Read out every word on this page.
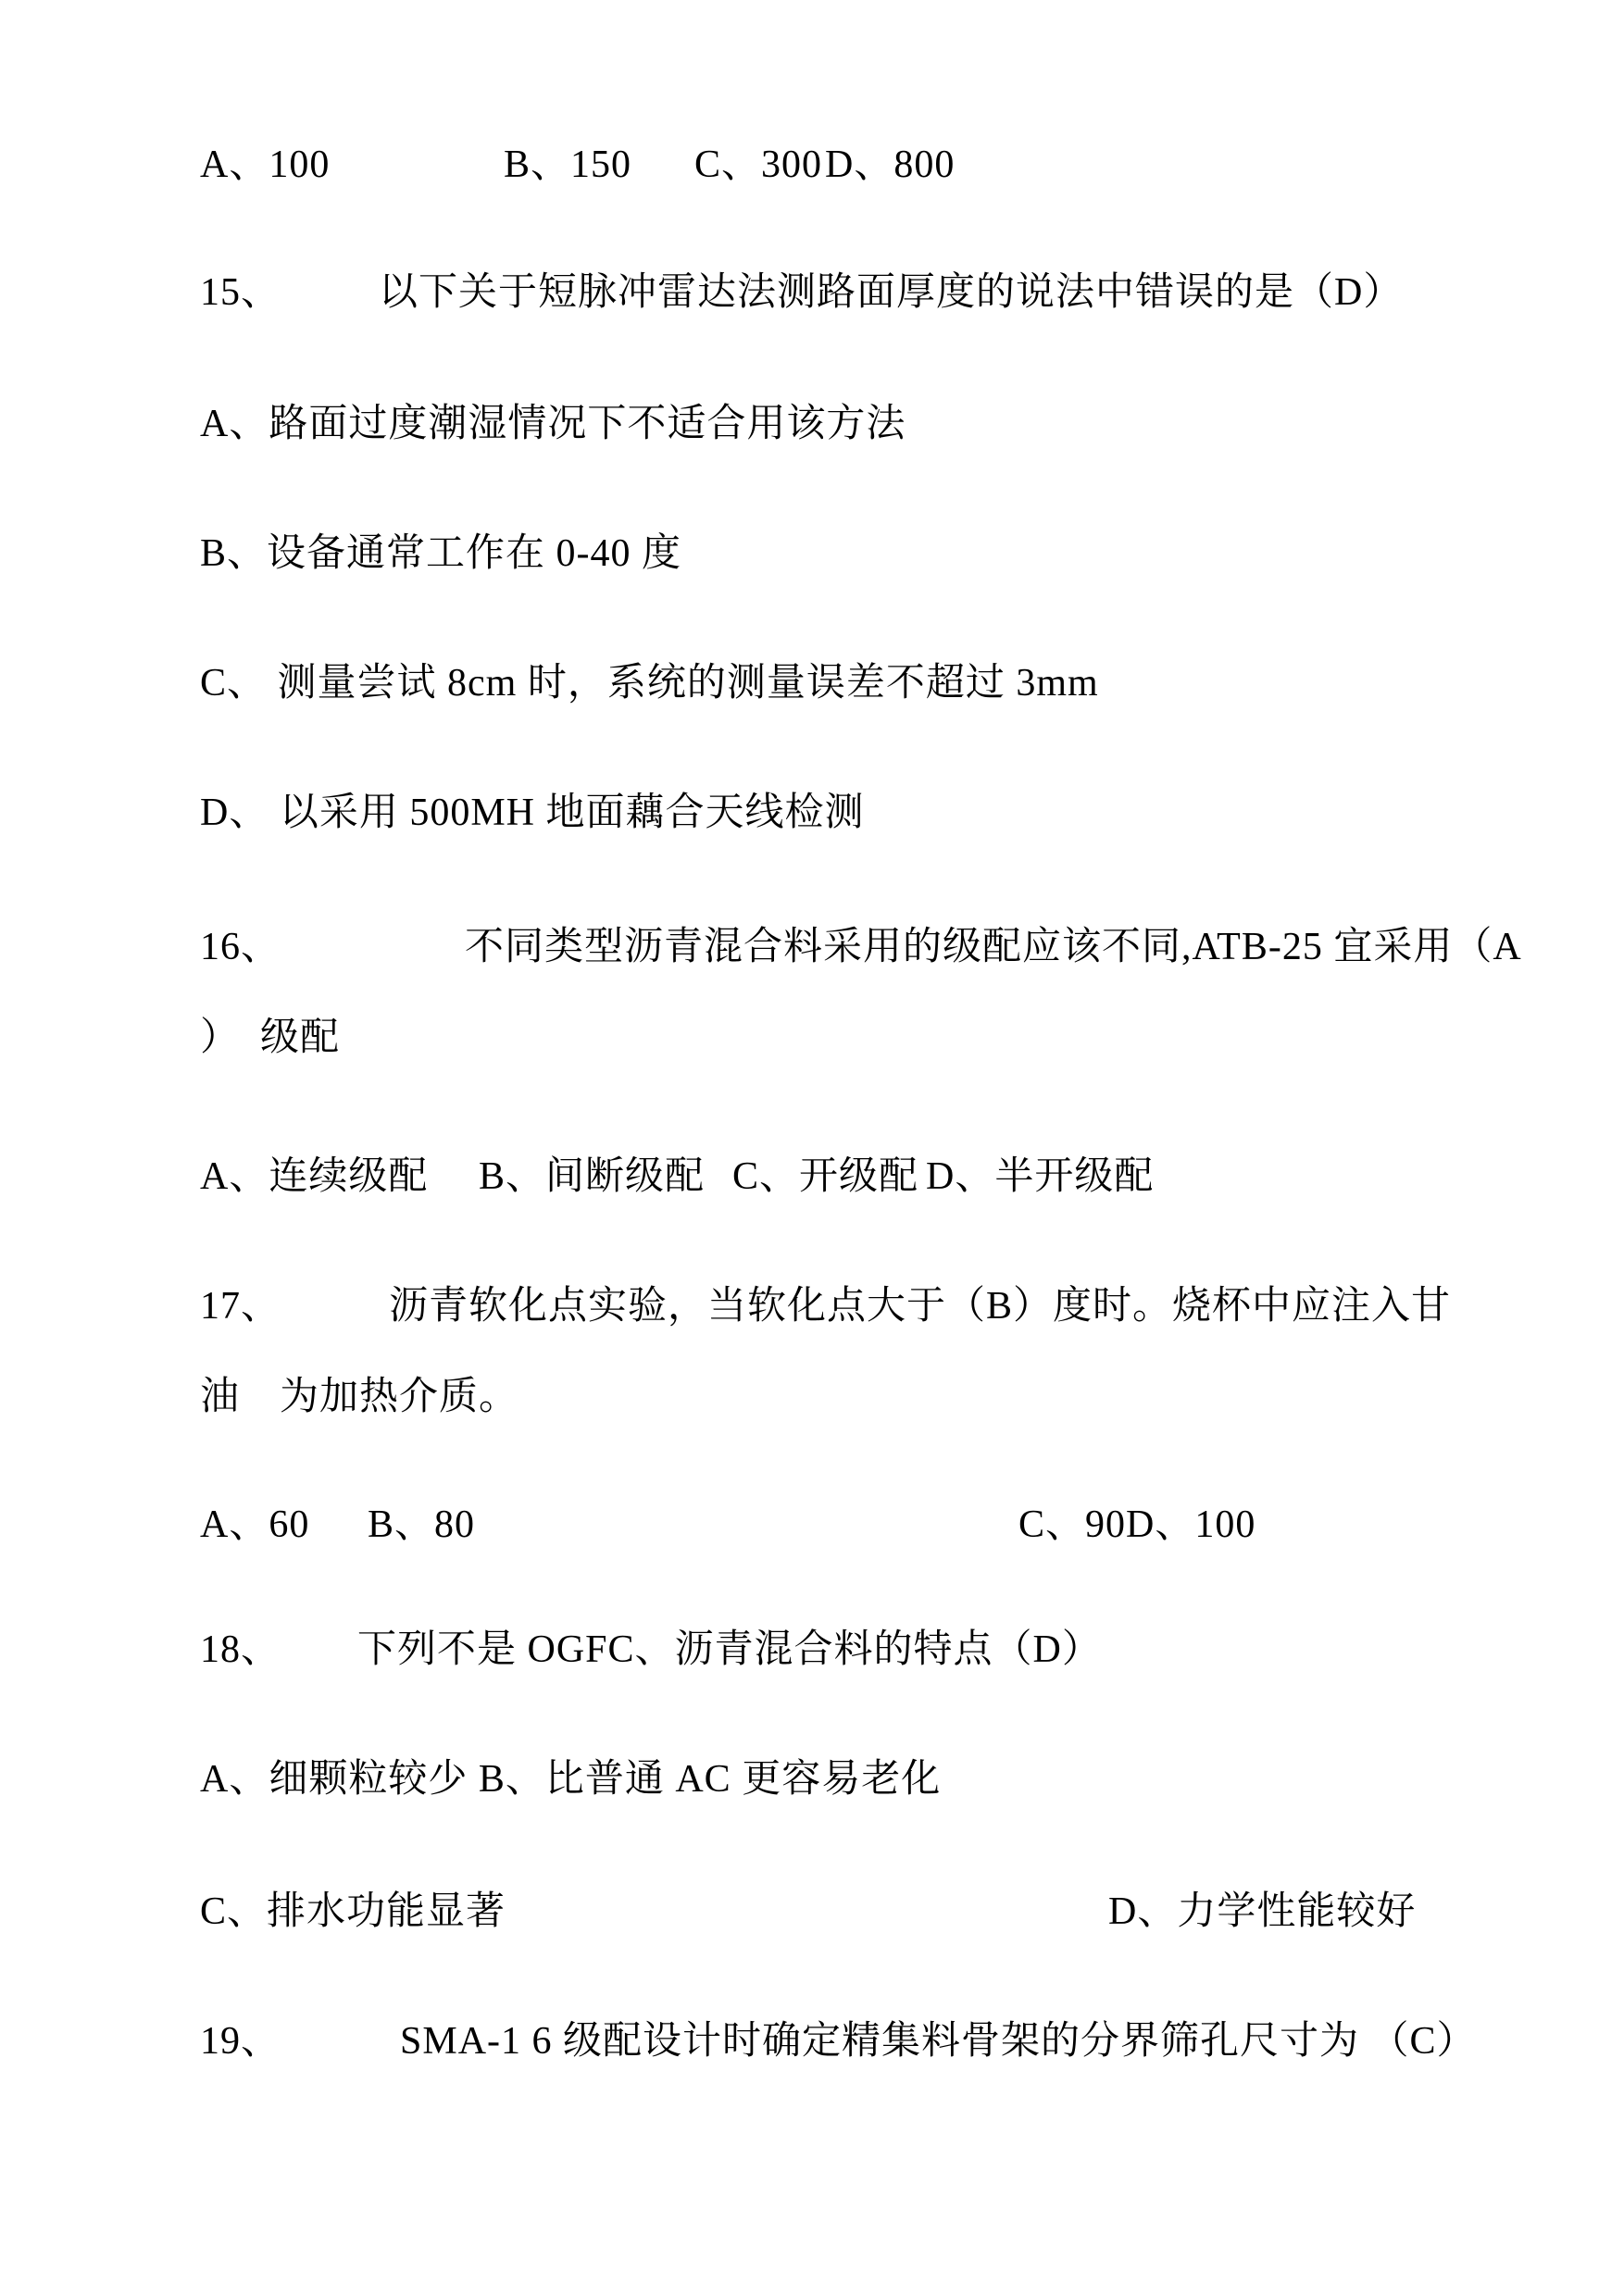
A、100	B、150 C、300 D、800
15、	以下关于短脉冲雷达法测路面厚度的说法中错误的是（D）
A、路面过度潮湿情况下不适合用该方法
B、设备通常工作在 0-40 度
C、 测量尝试 8cm 时，系统的测量误差不超过 3mm
D、 以采用 500MH 地面藕合天线检测
16、	不同类型沥青混合料采用的级配应该不同,ATB-25 宜采用（A
）　级配
A、连续级配 B、间断级配 C、开级配 D、半开级配
17、	沥青软化点实验，当软化点大于（B）度时。烧杯中应注入甘
油　为加热介质。
A、60 B、80	C、90D、100
18、 下列不是 OGFC、沥青混合料的特点（D）
A、细颗粒较少 B、比普通 AC 更容易老化
C、排水功能显著	D、力学性能较好
19、	SMA-1 6 级配设计时确定精集料骨架的分界筛孔尺寸为 （C）
